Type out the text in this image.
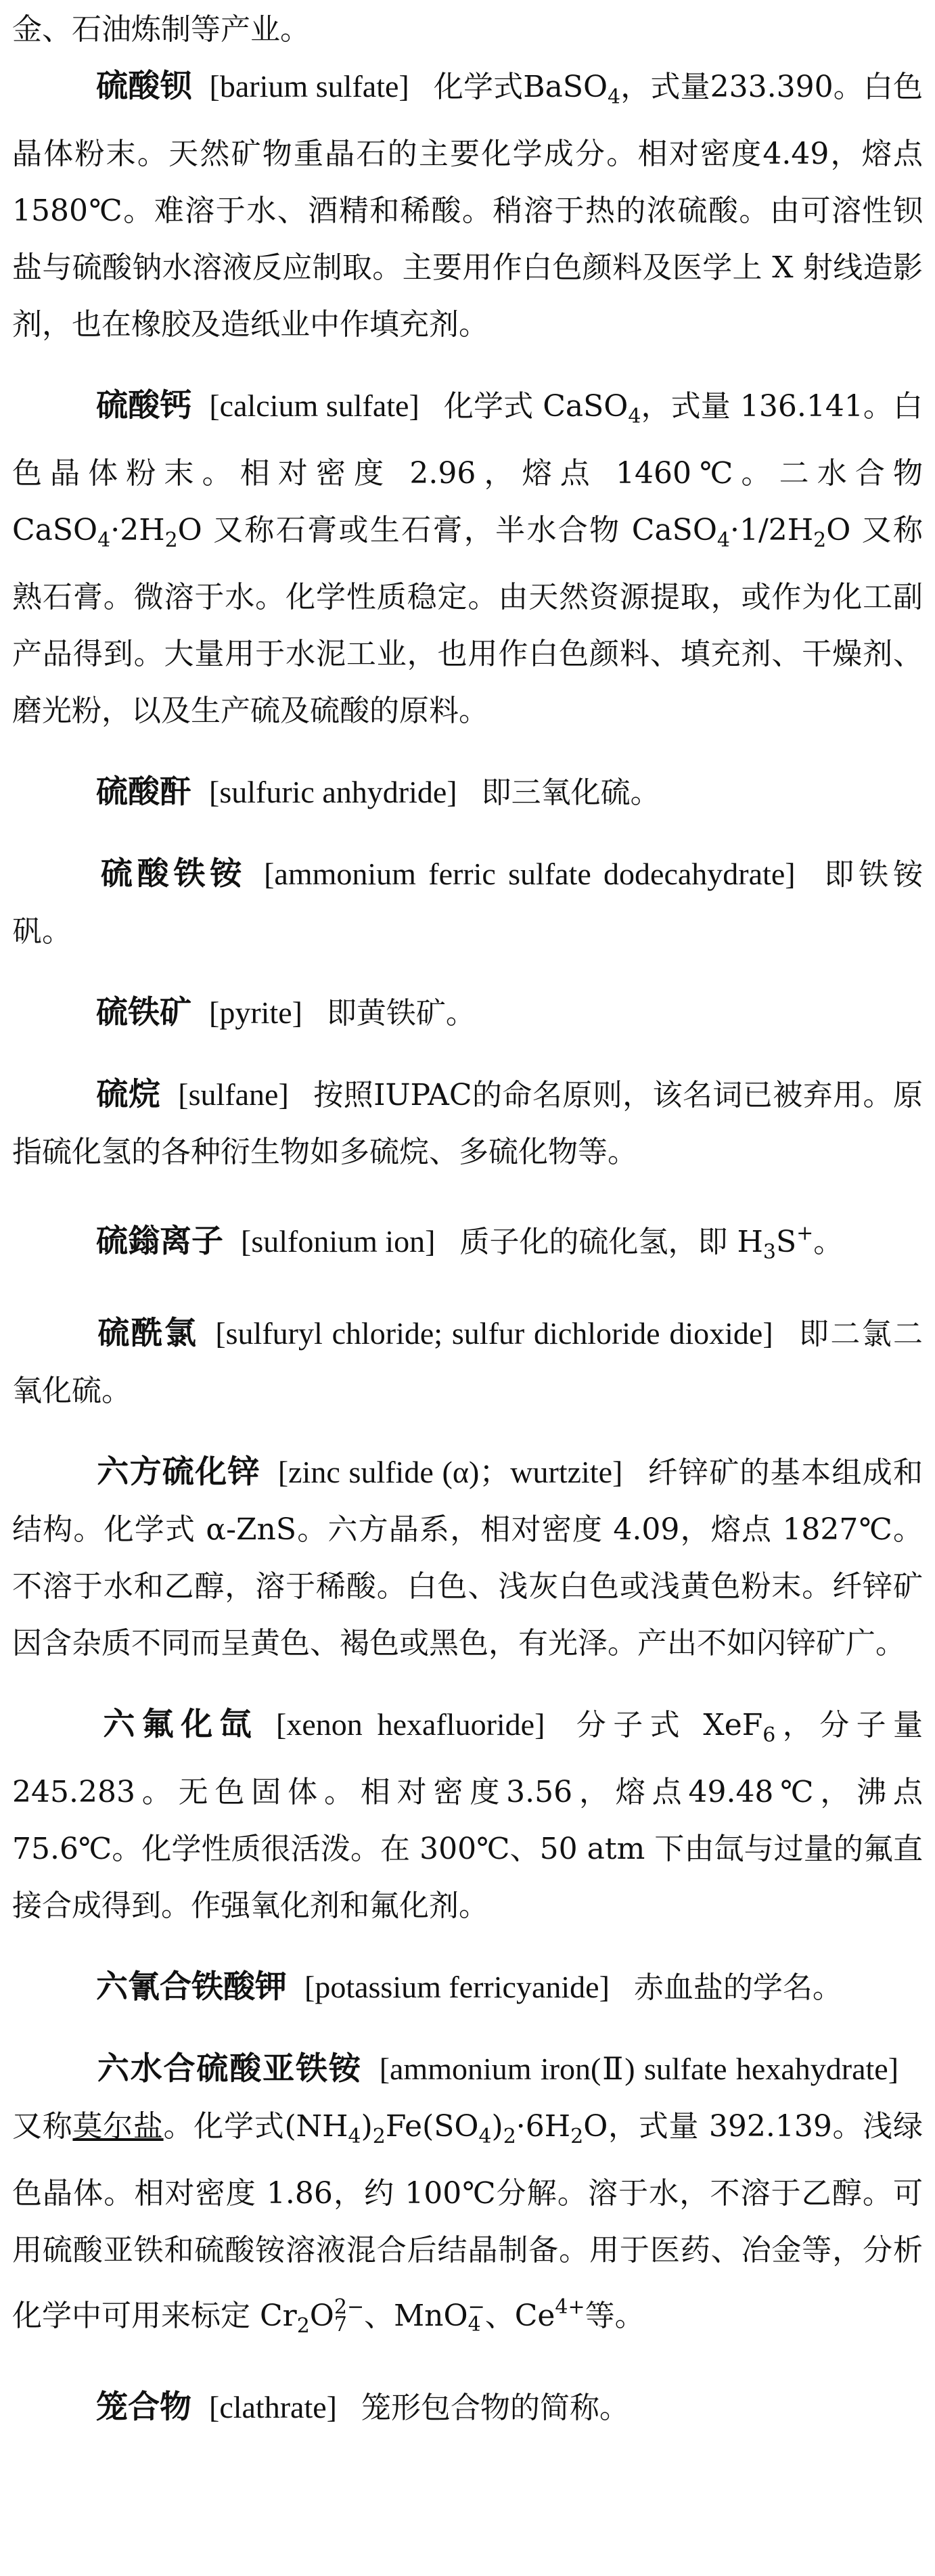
金、石油炼制等产业。

硫酸钡 [barium sulfate] 化学式BaSO$_4$，式量233.390。白色晶体粉末。天然矿物重晶石的主要化学成分。相对密度4.49，熔点 1580℃。难溶于水、酒精和稀酸。稍溶于热的浓硫酸。由可溶性钡盐与硫酸钠水溶液反应制取。主要用作白色颜料及医学上 X 射线造影剂，也在橡胶及造纸业中作填充剂。

硫酸钙 [calcium sulfate] 化学式 CaSO$_4$，式量 136.141。白色晶体粉末。相对密度 2.96，熔点 1460℃。二水合物 $CaSO_4\cdot 2H_2O$ 又称石膏或生石膏，半水合物 $CaSO_4\cdot 1/2H_2O$ 又称熟石膏。微溶于水。化学性质稳定。由天然资源提取，或作为化工副产品得到。大量用于水泥工业，也用作白色颜料、填充剂、干燥剂、磨光粉，以及生产硫及硫酸的原料。

硫酸酐 [sulfuric anhydride] 即三氧化硫。

硫酸铁铵 [ammonium ferric sulfate dodecahydrate] 即铁铵矾。

硫铁矿 [pyrite] 即黄铁矿。

硫烷 [sulfane] 按照IUPAC的命名原则，该名词已被弃用。原指硫化氢的各种衍生物如多硫烷、多硫化物等。

硫鎓离子 [sulfonium ion] 质子化的硫化氢，即 $H_3S^+$。

硫酰氯 [sulfuryl chloride; sulfur dichloride dioxide] 即二氯二氧化硫。

六方硫化锌 [zinc sulfide (α)；wurtzite] 纤锌矿的基本组成和结构。化学式 α-ZnS。六方晶系，相对密度 4.09，熔点 1827℃。不溶于水和乙醇，溶于稀酸。白色、浅灰白色或浅黄色粉末。纤锌矿因含杂质不同而呈黄色、褐色或黑色，有光泽。产出不如闪锌矿广。

六氟化氙 [xenon hexafluoride] 分子式 XeF$_6$，分子量245.283。无色固体。相对密度3.56，熔点49.48℃，沸点 75.6℃。化学性质很活泼。在 300℃、50 atm 下由氙与过量的氟直接合成得到。作强氧化剂和氟化剂。

六氰合铁酸钾 [potassium ferricyanide] 赤血盐的学名。

六水合硫酸亚铁铵 [ammonium iron(Ⅱ) sulfate hexahydrate]又称莫尔盐。化学式$(NH_4)_2Fe(SO_4)_2\cdot 6H_2O$，式量 392.139。浅绿色晶体。相对密度 1.86，约 100℃分解。溶于水，不溶于乙醇。可用硫酸亚铁和硫酸铵溶液混合后结晶制备。用于医药、冶金等，分析化学中可用来标定 $Cr_2O$ 2−
7 、MnO −
4 、$Ce^{4+}$等。

笼合物 [clathrate] 笼形包合物的简称。
